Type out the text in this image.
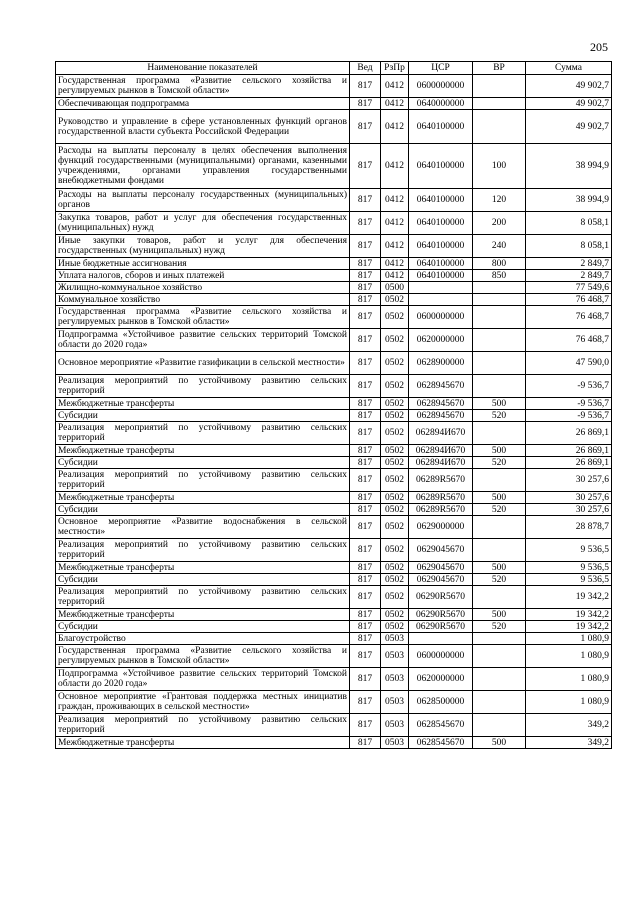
205
Наименование показателей	Вед	РзПр	ЦСР	ВР	Сумма
Государственная программа «Развитие сельского хозяйства и регулируемых рынков в Томской области»	817	0412	0600000000		49 902,7
Обеспечивающая подпрограмма	817	0412	0640000000		49 902,7
Руководство и управление в сфере установленных функций органов государственной власти субъекта Российской Федерации	817	0412	0640100000		49 902,7
Расходы на выплаты персоналу в целях обеспечения выполнения функций государственными (муниципальными) органами, казенными учреждениями, органами управления государственными внебюджетными фондами	817	0412	0640100000	100	38 994,9
Расходы на выплаты персоналу государственных (муниципальных) органов	817	0412	0640100000	120	38 994,9
Закупка товаров, работ и услуг для обеспечения государственных (муниципальных) нужд	817	0412	0640100000	200	8 058,1
Иные закупки товаров, работ и услуг для обеспечения государственных (муниципальных) нужд	817	0412	0640100000	240	8 058,1
Иные бюджетные ассигнования	817	0412	0640100000	800	2 849,7
Уплата налогов, сборов и иных платежей	817	0412	0640100000	850	2 849,7
Жилищно-коммунальное хозяйство	817	0500			77 549,6
Коммунальное хозяйство	817	0502			76 468,7
Государственная программа «Развитие сельского хозяйства и регулируемых рынков в Томской области»	817	0502	0600000000		76 468,7
Подпрограмма «Устойчивое развитие сельских территорий Томской области до 2020 года»	817	0502	0620000000		76 468,7
Основное мероприятие «Развитие газификации в сельской местности»	817	0502	0628900000		47 590,0
Реализация мероприятий по устойчивому развитию сельских территорий	817	0502	0628945670		-9 536,7
Межбюджетные трансферты	817	0502	0628945670	500	-9 536,7
Субсидии	817	0502	0628945670	520	-9 536,7
Реализация мероприятий по устойчивому развитию сельских территорий	817	0502	062894И670		26 869,1
Межбюджетные трансферты	817	0502	062894И670	500	26 869,1
Субсидии	817	0502	062894И670	520	26 869,1
Реализация мероприятий по устойчивому развитию сельских территорий	817	0502	06289R5670		30 257,6
Межбюджетные трансферты	817	0502	06289R5670	500	30 257,6
Субсидии	817	0502	06289R5670	520	30 257,6
Основное мероприятие «Развитие водоснабжения в сельской местности»	817	0502	0629000000		28 878,7
Реализация мероприятий по устойчивому развитию сельских территорий	817	0502	0629045670		9 536,5
Межбюджетные трансферты	817	0502	0629045670	500	9 536,5
Субсидии	817	0502	0629045670	520	9 536,5
Реализация мероприятий по устойчивому развитию сельских территорий	817	0502	06290R5670		19 342,2
Межбюджетные трансферты	817	0502	06290R5670	500	19 342,2
Субсидии	817	0502	06290R5670	520	19 342,2
Благоустройство	817	0503			1 080,9
Государственная программа «Развитие сельского хозяйства и регулируемых рынков в Томской области»	817	0503	0600000000		1 080,9
Подпрограмма «Устойчивое развитие сельских территорий Томской области до 2020 года»	817	0503	0620000000		1 080,9
Основное мероприятие «Грантовая поддержка местных инициатив граждан, проживающих в сельской местности»	817	0503	0628500000		1 080,9
Реализация мероприятий по устойчивому развитию сельских территорий	817	0503	0628545670		349,2
Межбюджетные трансферты	817	0503	0628545670	500	349,2
